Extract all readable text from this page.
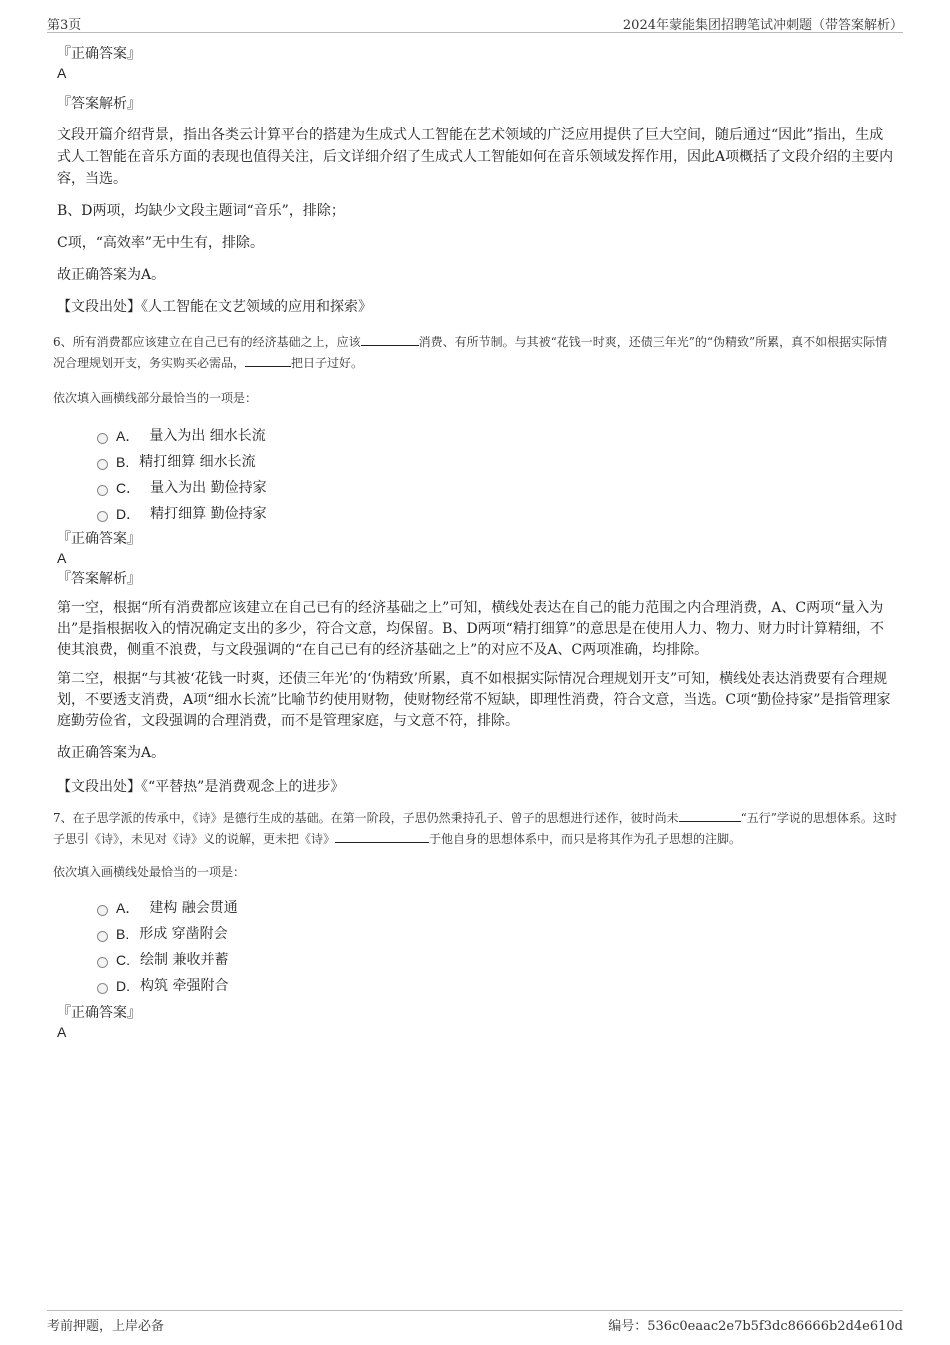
第3页	2024年蒙能集团招聘笔试冲刺题（带答案解析）

『正确答案』

A

『答案解析』

文段开篇介绍背景，指出各类云计算平台的搭建为生成式人工智能在艺术领域的广泛应用提供了巨大空间，随后通过“因此”指出，生成式人工智能在音乐方面的表现也值得关注，后文详细介绍了生成式人工智能如何在音乐领域发挥作用，因此A项概括了文段介绍的主要内容，当选。

B、D两项，均缺少文段主题词“音乐”，排除；

C项，“高效率”无中生有，排除。

故正确答案为A。

【文段出处】《人工智能在文艺领域的应用和探索》

6、所有消费都应该建立在自己已有的经济基础之上，应该	消费、有所节制。与其被“花钱一时爽，还债三年光”的“伪精致”所累，真不如根据实际情况合理规划开支，务实购买必需品，	把日子过好。

依次填入画横线部分最恰当的一项是：

A． 量入为出 细水长流
B. 精打细算 细水长流
C． 量入为出 勤俭持家
D． 精打细算 勤俭持家

『正确答案』

A

『答案解析』

第一空，根据“所有消费都应该建立在自己已有的经济基础之上”可知，横线处表达在自己的能力范围之内合理消费，A、C两项“量入为出”是指根据收入的情况确定支出的多少，符合文意，均保留。B、D两项“精打细算”的意思是在使用人力、物力、财力时计算精细，不使其浪费，侧重不浪费，与文段强调的“在自己已有的经济基础之上”的对应不及A、C两项准确，均排除。

第二空，根据“与其被‘花钱一时爽，还债三年光’的‘伪精致’所累，真不如根据实际情况合理规划开支”可知，横线处表达消费要有合理规划，不要透支消费，A项“细水长流”比喻节约使用财物，使财物经常不短缺，即理性消费，符合文意，当选。C项“勤俭持家”是指管理家庭勤劳俭省，文段强调的合理消费，而不是管理家庭，与文意不符，排除。

故正确答案为A。

【文段出处】《“平替热”是消费观念上的进步》

7、在子思学派的传承中，《诗》是德行生成的基础。在第一阶段，子思仍然秉持孔子、曾子的思想进行述作，彼时尚未	“五行”学说的思想体系。这时子思引《诗》，未见对《诗》义的说解，更未把《诗》	于他自身的思想体系中，而只是将其作为孔子思想的注脚。

依次填入画横线处最恰当的一项是：

A． 建构 融会贯通
B. 形成 穿凿附会
C. 绘制 兼收并蓄
D. 构筑 牵强附合

『正确答案』

A

考前押题，上岸必备	编号：536c0eaac2e7b5f3dc86666b2d4e610d
